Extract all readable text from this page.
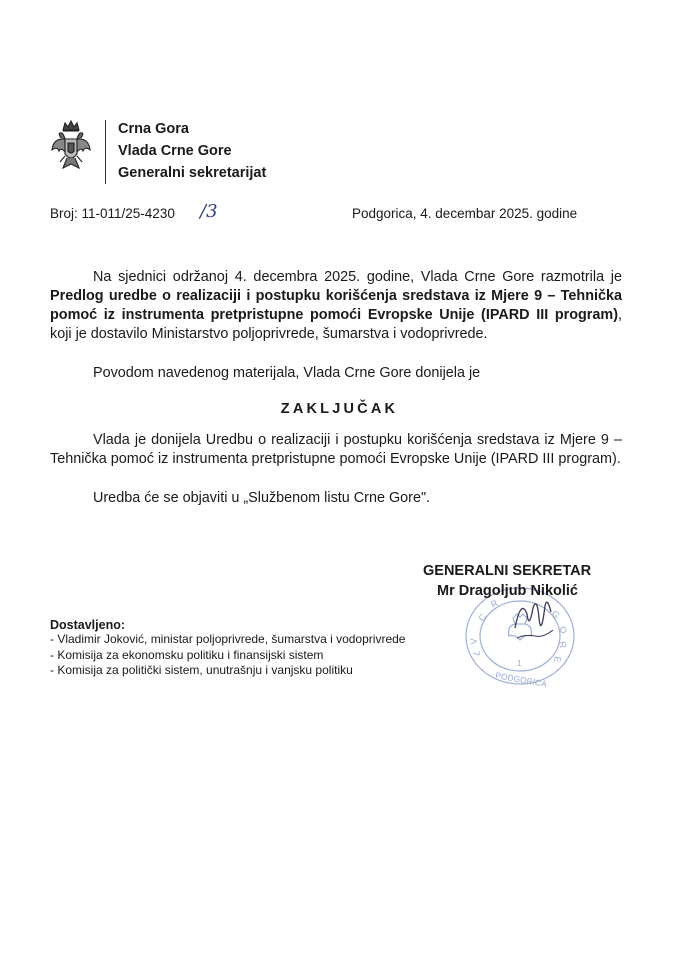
Crna Gora
Vlada Crne Gore
Generalni sekretarijat
Broj: 11-011/25-4230 /3	Podgorica, 4. decembar 2025. godine
Na sjednici održanoj 4. decembra 2025. godine, Vlada Crne Gore razmotrila je Predlog uredbe o realizaciji i postupku korišćenja sredstava iz Mjere 9 – Tehnička pomoć iz instrumenta pretpristupne pomoći Evropske Unije (IPARD III program), koji je dostavilo Ministarstvo poljoprivrede, šumarstva i vodoprivrede.
Povodom navedenog materijala, Vlada Crne Gore donijela je
ZAKLJUČAK
Vlada je donijela Uredbu o realizaciji i postupku korišćenja sredstava iz Mjere 9 – Tehnička pomoć iz instrumenta pretpristupne pomoći Evropske Unije (IPARD III program).
Uredba će se objaviti u „Službenom listu Crne Gore".
C
R
G
O
R
E
V
L
PODGORICA
1
GENERALNI SEKRETAR
Mr Dragoljub Nikolić
Dostavljeno:
- Vladimir Joković, ministar poljoprivrede, šumarstva i vodoprivrede
- Komisija za ekonomsku politiku i finansijski sistem
- Komisija za politički sistem, unutrašnju i vanjsku politiku
